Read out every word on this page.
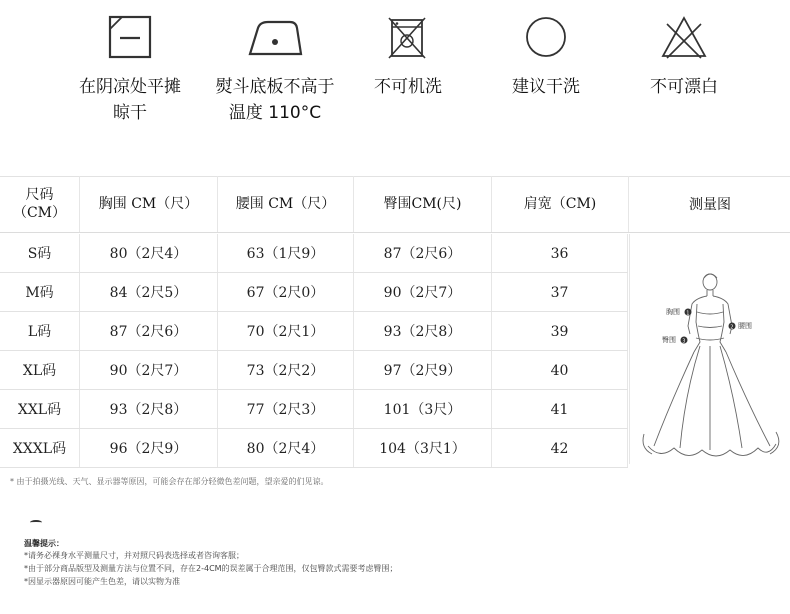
在阴凉处平摊
晾干
熨斗底板不高于
温度 110°C
不可机洗	建议干洗	不可漂白
尺码
（CM）
胸围 CM（尺）	腰围 CM（尺）	臀围CM(尺)	肩宽（CM)	测量图
S码	80（2尺4）	63（1尺9）	87（2尺6）	36
M码	84（2尺5）	67（2尺0）	90（2尺7）	37
L码	87（2尺6）	70（2尺1）	93（2尺8）	39
XL码	90（2尺7）	73（2尺2）	97（2尺9）	40
XXL码	93（2尺8）	77（2尺3）	101（3尺）	41
XXXL码	96（2尺9）	80（2尺4）	104（3尺1）	42
胸围 1
2 腰围
臀围 3
* 由于拍摄光线、天气、显示器等原因，可能会存在部分轻微色差问题，望亲爱的们见谅。
温馨提示：
*请务必裸身水平测量尺寸，并对照尺码表选择或者咨询客服；
*由于部分商品版型及测量方法与位置不同，存在2-4CM的误差属于合理范围，仅包臀款式需要考虑臀围；
*因显示器原因可能产生色差，请以实物为准
